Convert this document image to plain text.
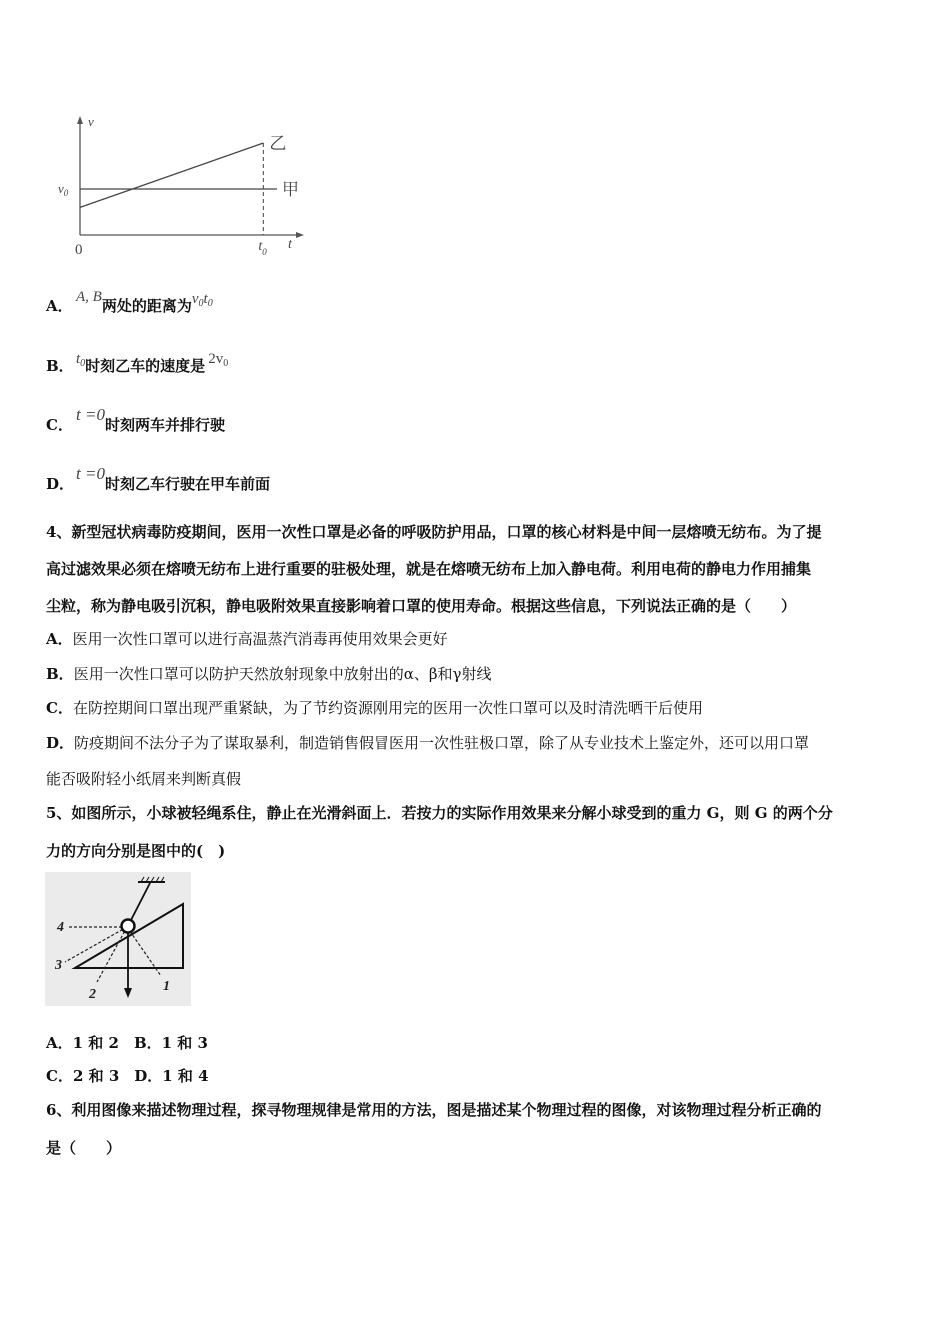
v
t
0
$v_0$
$t_0$
甲
乙
A． A, B两处的距离为$v_0t_0$
B． $t_0$时刻乙车的速度是 $2v_0$
C．t =0时刻两车并排行驶
D．t =0时刻乙车行驶在甲车前面
4、新型冠状病毒防疫期间，医用一次性口罩是必备的呼吸防护用品，口罩的核心材料是中间一层熔喷无纺布。为了提
高过滤效果必须在熔喷无纺布上进行重要的驻极处理，就是在熔喷无纺布上加入静电荷。利用电荷的静电力作用捕集
尘粒，称为静电吸引沉积，静电吸附效果直接影响着口罩的使用寿命。根据这些信息，下列说法正确的是（　　）
A．医用一次性口罩可以进行高温蒸汽消毒再使用效果会更好
B．医用一次性口罩可以防护天然放射现象中放射出的α、β和γ射线
C．在防控期间口罩出现严重紧缺，为了节约资源刚用完的医用一次性口罩可以及时清洗晒干后使用
D．防疫期间不法分子为了谋取暴利，制造销售假冒医用一次性驻极口罩，除了从专业技术上鉴定外，还可以用口罩
能否吸附轻小纸屑来判断真假
5、如图所示，小球被轻绳系住，静止在光滑斜面上．若按力的实际作用效果来分解小球受到的重力 G，则 G 的两个分
力的方向分别是图中的(　)
1
2
3
4
A．1 和 2　B．1 和 3
C．2 和 3　D．1 和 4
6、利用图像来描述物理过程，探寻物理规律是常用的方法，图是描述某个物理过程的图像，对该物理过程分析正确的
是（　　）
